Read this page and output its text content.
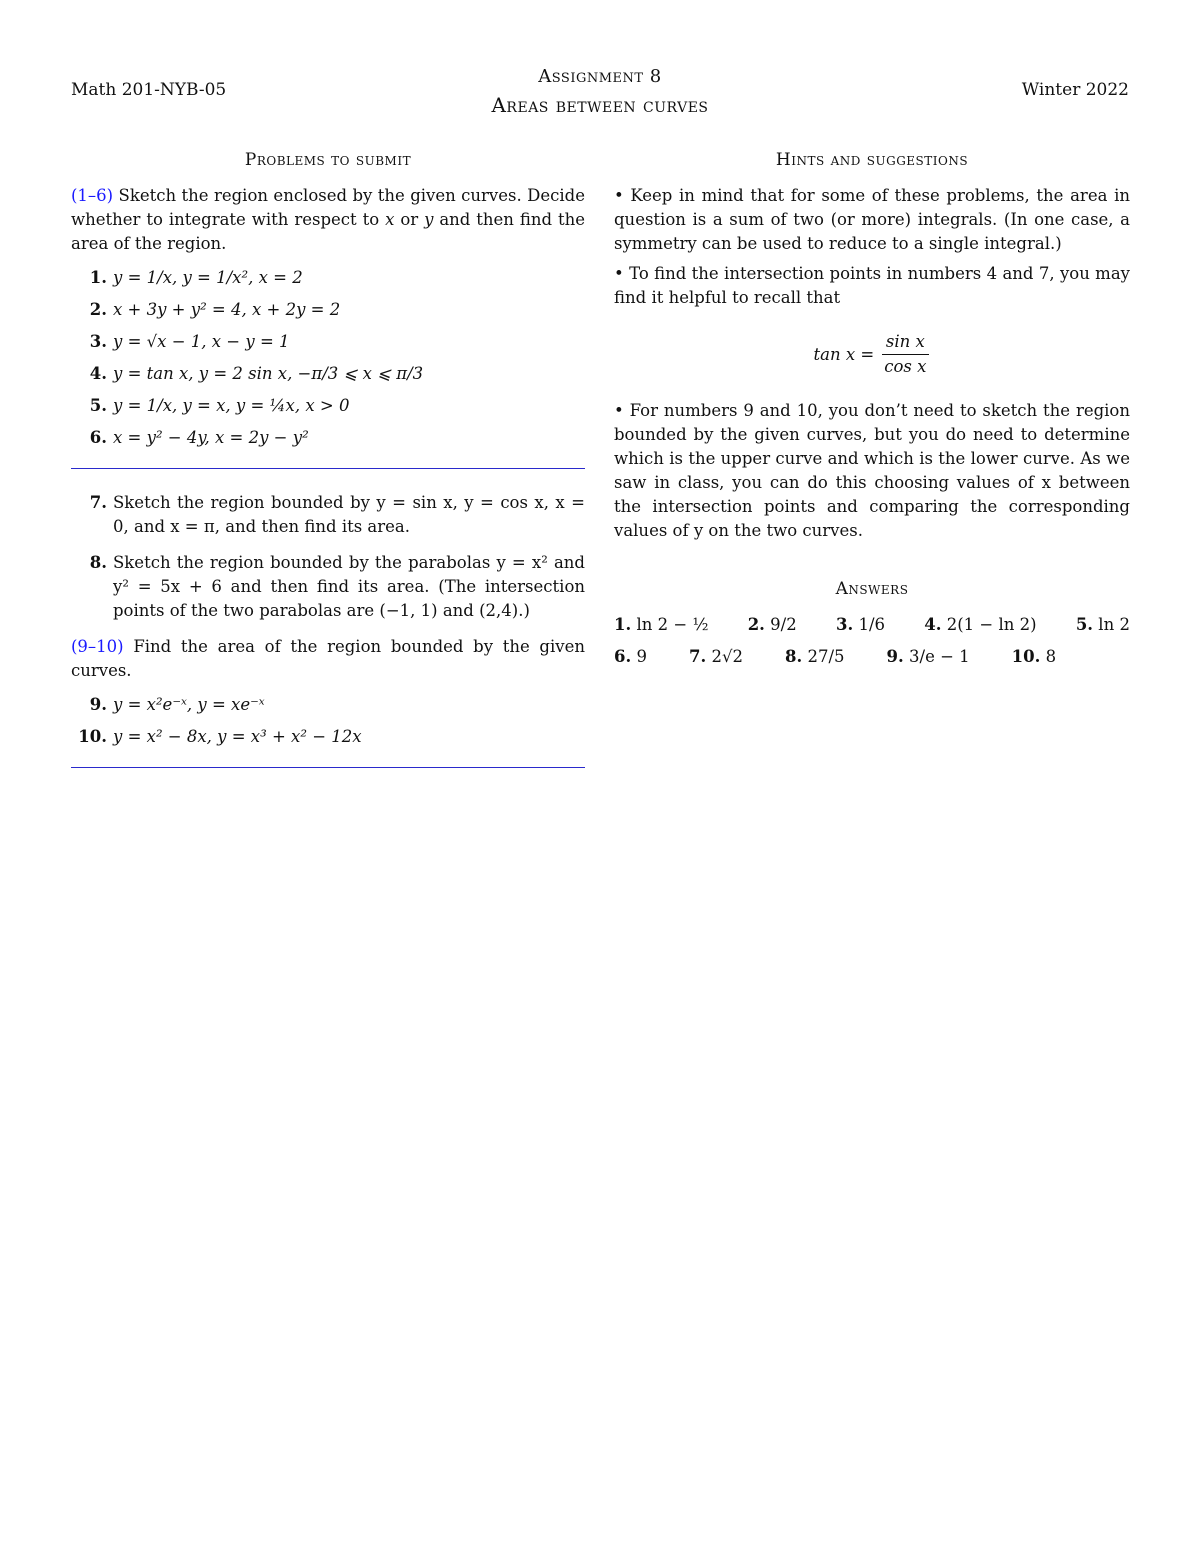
Math 201-NYB-05
Assignment 8
Areas between curves
Winter 2022
Problems to submit

(1–6) Sketch the region enclosed by the given curves. Decide whether to integrate with respect to x or y and then find the area of the region.

1. y = 1/x, y = 1/x², x = 2
2. x + 3y + y² = 4, x + 2y = 2
3. y = √x − 1, x − y = 1
4. y = tan x, y = 2 sin x, −π/3 ⩽ x ⩽ π/3
5. y = 1/x, y = x, y = ¼x, x > 0
6. x = y² − 4y, x = 2y − y²
7. Sketch the region bounded by y = sin x, y = cos x, x = 0, and x = π, and then find its area.
8. Sketch the region bounded by the parabolas y = x² and y² = 5x + 6 and then find its area. (The intersection points of the two parabolas are (−1, 1) and (2,4).)

(9–10) Find the area of the region bounded by the given curves.

9. y = x²e⁻ˣ, y = xe⁻ˣ
10. y = x² − 8x, y = x³ + x² − 12x
Hints and suggestions

• Keep in mind that for some of these problems, the area in question is a sum of two (or more) integrals. (In one case, a symmetry can be used to reduce to a single integral.)

• To find the intersection points in numbers 4 and 7, you may find it helpful to recall that

$\tan x = \frac{\text{sin x}}{\text{cos x}}$

• For numbers 9 and 10, you don’t need to sketch the region bounded by the given curves, but you do need to determine which is the upper curve and which is the lower curve. As we saw in class, you can do this choosing values of x between the intersection points and comparing the corresponding values of y on the two curves.

Answers
1. ln 2 − ½ 2. 9/2 3. 1/6 4. 2(1 − ln 2) 5. ln 2
6. 9	7. 2√2	8. 27/5	9. 3/e − 1	10. 8
